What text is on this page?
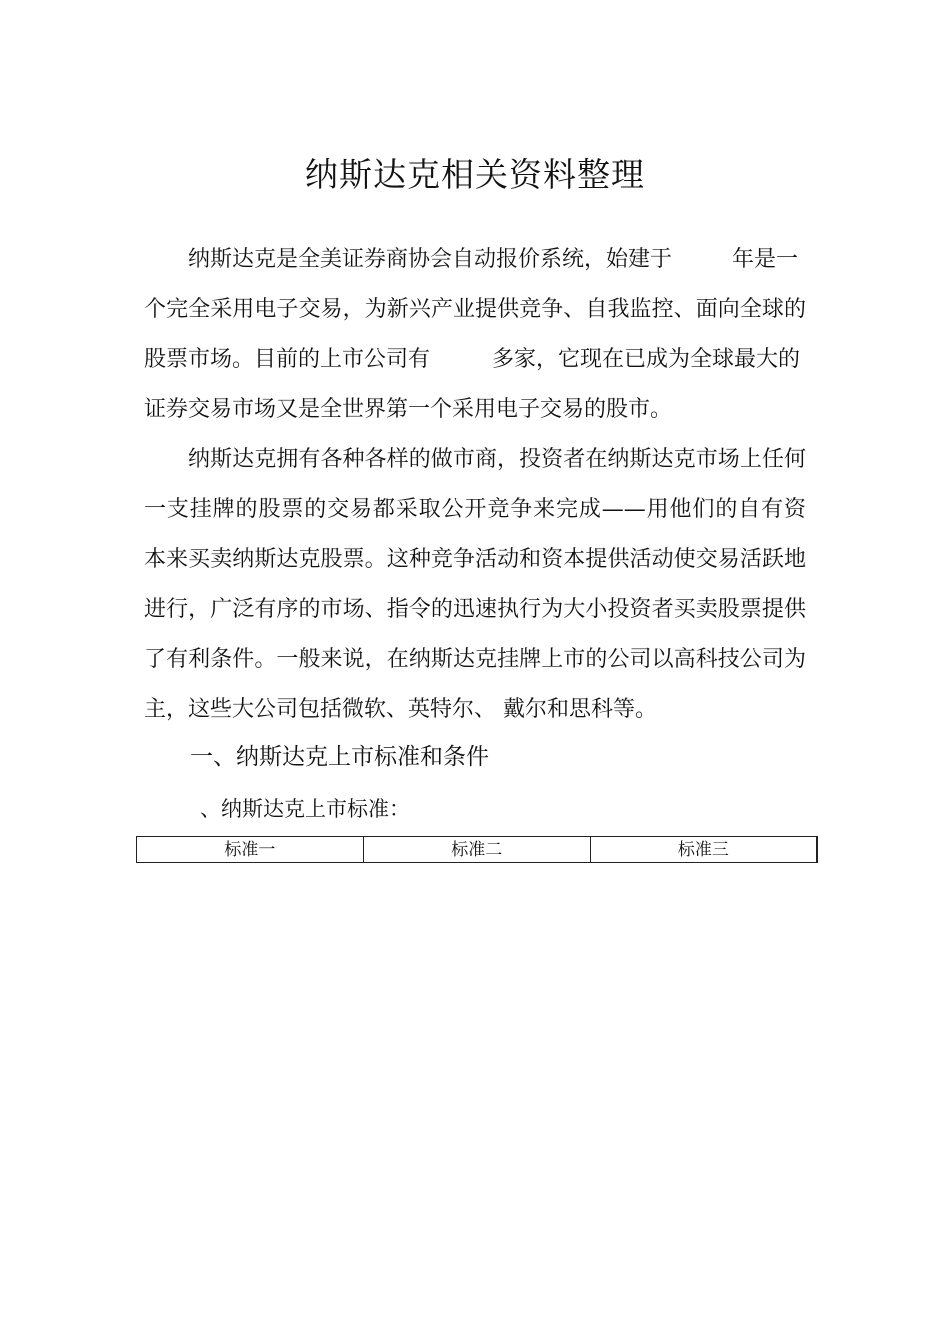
纳斯达克相关资料整理
纳斯达克是全美证券商协会自动报价系统，始建于	年是一
个完全采用电子交易，为新兴产业提供竞争、自我监控、面向全球的
股票市场。目前的上市公司有	多家，它现在已成为全球最大的
证券交易市场又是全世界第一个采用电子交易的股市。
纳斯达克拥有各种各样的做市商，投资者在纳斯达克市场上任何
一支挂牌的股票的交易都采取公开竞争来完成——用他们的自有资
本来买卖纳斯达克股票。这种竞争活动和资本提供活动使交易活跃地
进行，广泛有序的市场、指令的迅速执行为大小投资者买卖股票提供
了有利条件。一般来说，在纳斯达克挂牌上市的公司以高科技公司为
主，这些大公司包括微软、英特尔、 戴尔和思科等。
一、纳斯达克上市标准和条件
、纳斯达克上市标准：
标准一	标准二	标准三
